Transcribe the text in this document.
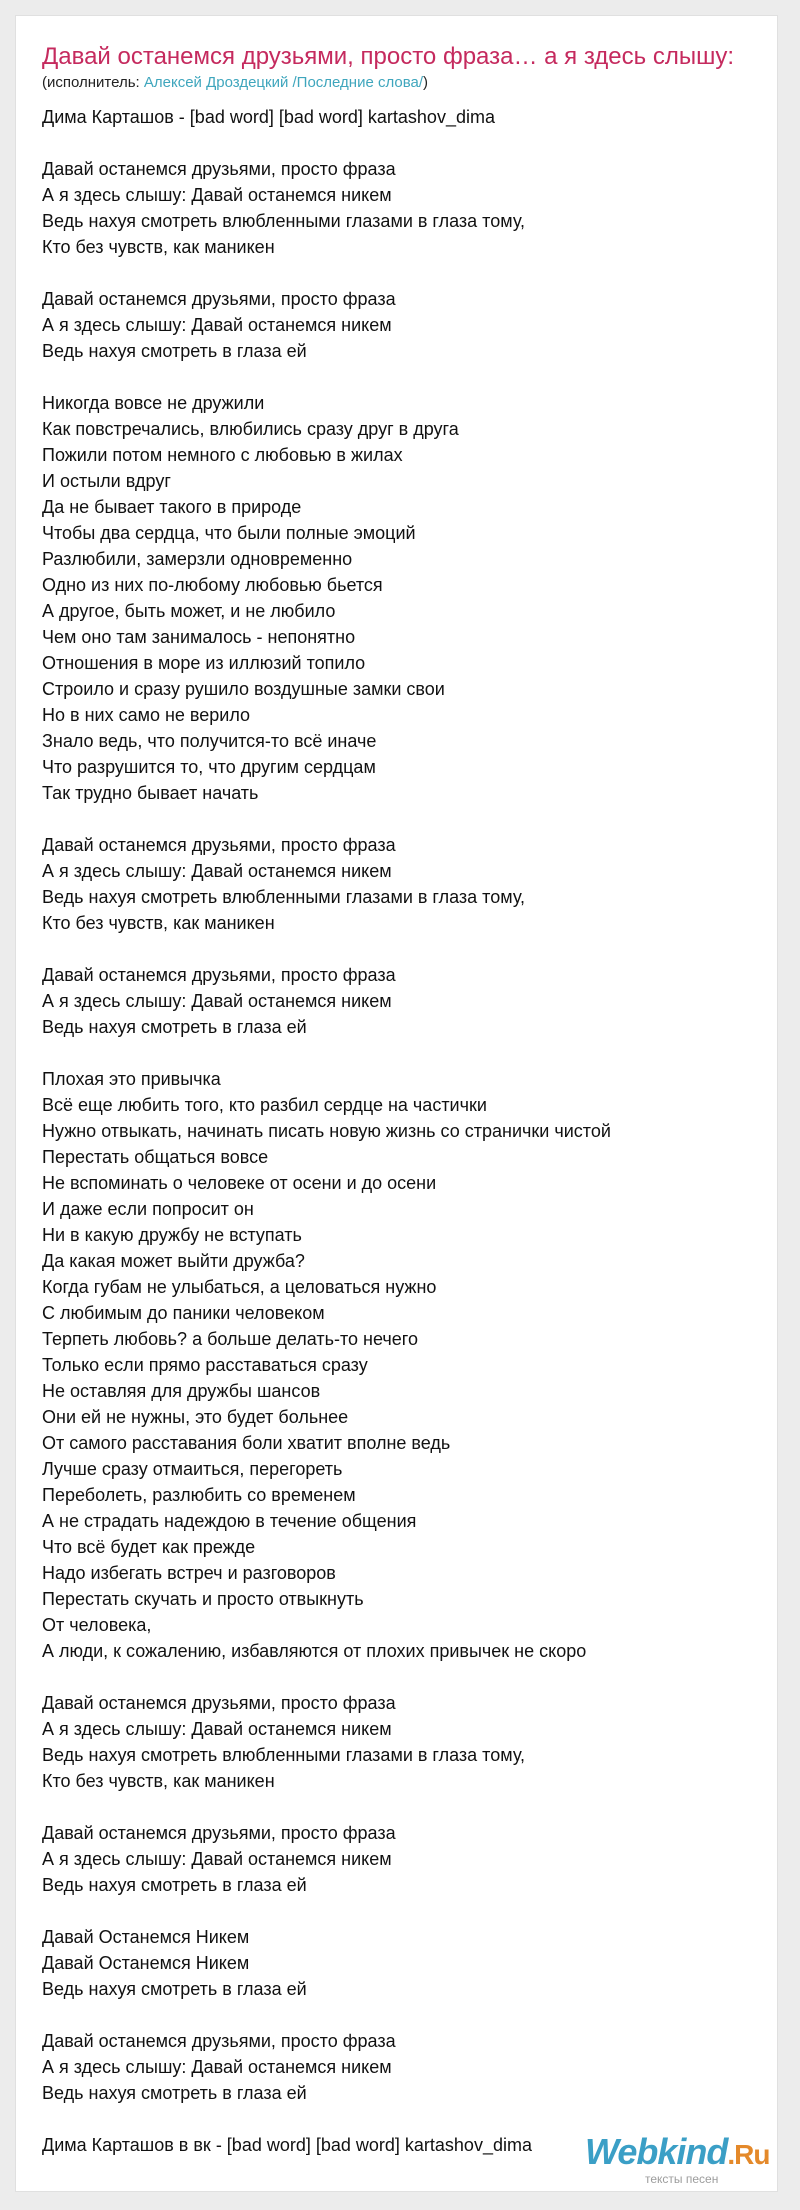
Давай останемся друзьями, просто фраза… а я здесь слышу:
(исполнитель: Алексей Дроздецкий /Последние слова/)
Дима Карташов - [bad word] [bad word] kartashov_dima
Давай останемся друзьями, просто фраза
А я здесь слышу: Давай останемся никем
Ведь нахуя смотреть влюбленными глазами в глаза тому,
Кто без чувств, как маникен
Давай останемся друзьями, просто фраза
А я здесь слышу: Давай останемся никем
Ведь нахуя смотреть в глаза ей
Никогда вовсе не дружили
Как повстречались, влюбились сразу друг в друга
Пожили потом немного с любовью в жилах
И остыли вдруг
Да не бывает такого в природе
Чтобы два сердца, что были полные эмоций
Разлюбили, замерзли одновременно
Одно из них по-любому любовью бьется
А другое, быть может, и не любило
Чем оно там занималось - непонятно
Отношения в море из иллюзий топило
Строило и сразу рушило воздушные замки свои
Но в них само не верило
Знало ведь, что получится-то всё иначе
Что разрушится то, что другим сердцам
Так трудно бывает начать
Давай останемся друзьями, просто фраза
А я здесь слышу: Давай останемся никем
Ведь нахуя смотреть влюбленными глазами в глаза тому,
Кто без чувств, как маникен
Давай останемся друзьями, просто фраза
А я здесь слышу: Давай останемся никем
Ведь нахуя смотреть в глаза ей
Плохая это привычка
Всё еще любить того, кто разбил сердце на частички
Нужно отвыкать, начинать писать новую жизнь со странички чистой
Перестать общаться вовсе
Не вспоминать о человеке от осени и до осени
И даже если попросит он
Ни в какую дружбу не вступать
Да какая может выйти дружба?
Когда губам не улыбаться, а целоваться нужно
С любимым до паники человеком
Терпеть любовь? а больше делать-то нечего
Только если прямо расставаться сразу
Не оставляя для дружбы шансов
Они ей не нужны, это будет больнее
От самого расставания боли хватит вполне ведь
Лучше сразу отмаиться, перегореть
Переболеть, разлюбить со временем
А не страдать надеждою в течение общения
Что всё будет как прежде
Надо избегать встреч и разговоров
Перестать скучать и просто отвыкнуть
От человека,
А люди, к сожалению, избавляются от плохих привычек не скоро
Давай останемся друзьями, просто фраза
А я здесь слышу: Давай останемся никем
Ведь нахуя смотреть влюбленными глазами в глаза тому,
Кто без чувств, как маникен
Давай останемся друзьями, просто фраза
А я здесь слышу: Давай останемся никем
Ведь нахуя смотреть в глаза ей
Давай Останемся Никем
Давай Останемся Никем
Ведь нахуя смотреть в глаза ей
Давай останемся друзьями, просто фраза
А я здесь слышу: Давай останемся никем
Ведь нахуя смотреть в глаза ей
Дима Карташов в вк - [bad word] [bad word] kartashov_dima	Webkind.Ru
тексты песен
